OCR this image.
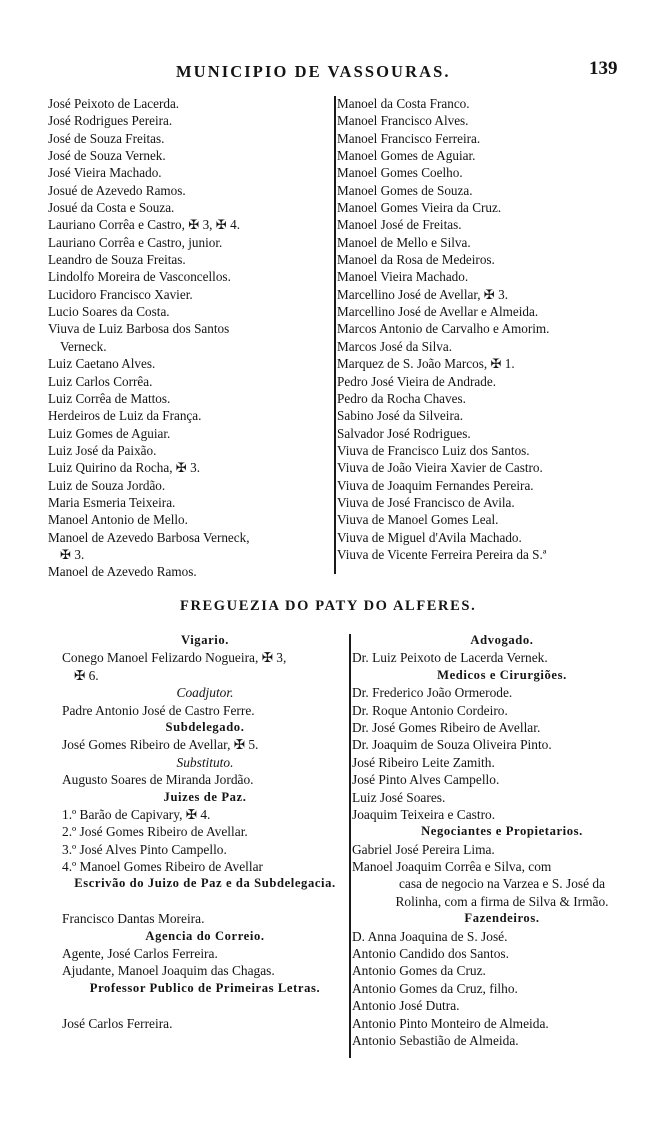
MUNICIPIO DE VASSOURAS.	139
José Peixoto de Lacerda.
José Rodrigues Pereira.
José de Souza Freitas.
José de Souza Vernek.
José Vieira Machado.
Josué de Azevedo Ramos.
Josué da Costa e Souza.
Lauriano Corrêa e Castro, ✠ 3, ✠ 4.
Lauriano Corrêa e Castro, junior.
Leandro de Souza Freitas.
Lindolfo Moreira de Vasconcellos.
Lucidoro Francisco Xavier.
Lucio Soares da Costa.
Viuva de Luiz Barbosa dos Santos
Verneck.
Luiz Caetano Alves.
Luiz Carlos Corrêa.
Luiz Corrêa de Mattos.
Herdeiros de Luiz da França.
Luiz Gomes de Aguiar.
Luiz José da Paixão.
Luiz Quirino da Rocha, ✠ 3.
Luiz de Souza Jordão.
Maria Esmeria Teixeira.
Manoel Antonio de Mello.
Manoel de Azevedo Barbosa Verneck,
✠ 3.
Manoel de Azevedo Ramos.
Manoel da Costa Franco.
Manoel Francisco Alves.
Manoel Francisco Ferreira.
Manoel Gomes de Aguiar.
Manoel Gomes Coelho.
Manoel Gomes de Souza.
Manoel Gomes Vieira da Cruz.
Manoel José de Freitas.
Manoel de Mello e Silva.
Manoel da Rosa de Medeiros.
Manoel Vieira Machado.
Marcellino José de Avellar, ✠ 3.
Marcellino José de Avellar e Almeida.
Marcos Antonio de Carvalho e Amorim.
Marcos José da Silva.
Marquez de S. João Marcos, ✠ 1.
Pedro José Vieira de Andrade.
Pedro da Rocha Chaves.
Sabino José da Silveira.
Salvador José Rodrigues.
Viuva de Francisco Luiz dos Santos.
Viuva de João Vieira Xavier de Castro.
Viuva de Joaquim Fernandes Pereira.
Viuva de José Francisco de Avila.
Viuva de Manoel Gomes Leal.
Viuva de Miguel d'Avila Machado.
Viuva de Vicente Ferreira Pereira da S.ª
FREGUEZIA DO PATY DO ALFERES.
Vigario.
Conego Manoel Felizardo Nogueira, ✠ 3,
✠ 6.
Coadjutor.
Padre Antonio José de Castro Ferre.
Subdelegado.
José Gomes Ribeiro de Avellar, ✠ 5.
Substituto.
Augusto Soares de Miranda Jordão.
Juizes de Paz.
1.º Barão de Capivary, ✠ 4.
2.º José Gomes Ribeiro de Avellar.
3.º José Alves Pinto Campello.
4.º Manoel Gomes Ribeiro de Avellar
Escrivão do Juizo de Paz e da Subdelegacia.
Francisco Dantas Moreira.
Agencia do Correio.
Agente, José Carlos Ferreira.
Ajudante, Manoel Joaquim das Chagas.
Professor Publico de Primeiras Letras.
José Carlos Ferreira.
Advogado.
Dr. Luiz Peixoto de Lacerda Vernek.
Medicos e Cirurgiões.
Dr. Frederico João Ormerode.
Dr. Roque Antonio Cordeiro.
Dr. José Gomes Ribeiro de Avellar.
Dr. Joaquim de Souza Oliveira Pinto.
José Ribeiro Leite Zamith.
José Pinto Alves Campello.
Luiz José Soares.
Joaquim Teixeira e Castro.
Negociantes e Propietarios.
Gabriel José Pereira Lima.
Manoel Joaquim Corrêa e Silva, com
casa de negocio na Varzea e S. José da
Rolinha, com a firma de Silva & Irmão.
Fazendeiros.
D. Anna Joaquina de S. José.
Antonio Candido dos Santos.
Antonio Gomes da Cruz.
Antonio Gomes da Cruz, filho.
Antonio José Dutra.
Antonio Pinto Monteiro de Almeida.
Antonio Sebastião de Almeida.
